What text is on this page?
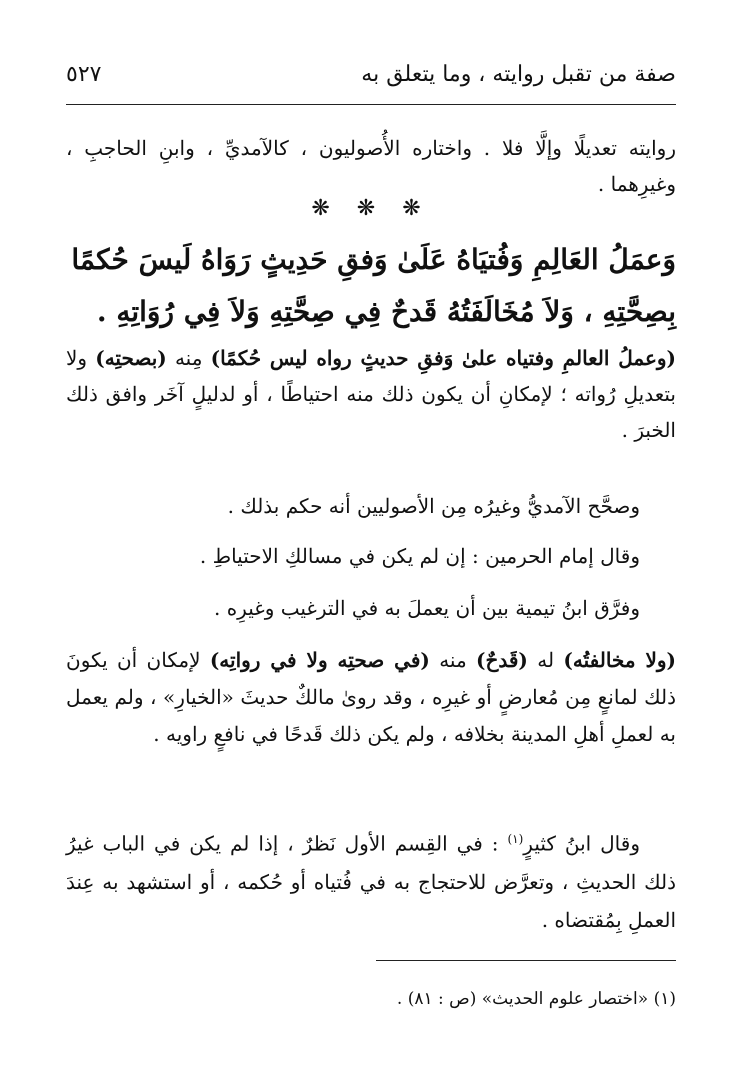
صفة من تقبل روايته ، وما يتعلق به
٥٢٧

روايته تعديلًا وإلَّا فلا . واختاره الأُصوليون ، كالآمديِّ ، وابنِ الحاجبِ ، وغيرِهما .

❋ ❋ ❋
وَعمَلُ العَالِمِ وَفُتيَاهُ عَلَىٰ وَفقِ حَدِيثٍ رَوَاهُ لَيسَ حُكمًا
بِصِحَّتِهِ ، وَلاَ مُخَالَفَتُهُ قَدحٌ فِي صِحَّتِهِ وَلاَ فِي رُوَاتِهِ .

(وعملُ العالمِ وفتياه علىٰ وَفقِ حديثٍ رواه ليس حُكمًا) مِنه (بصحتِه) ولا بتعديلِ رُواته ؛ لإمكانِ أن يكون ذلك منه احتياطًا ، أو لدليلٍ آخَر وافق ذلك الخبرَ .

وصحَّح الآمديُّ وغيرُه مِن الأصوليين أنه حكم بذلك .

وقال إمام الحرمين : إن لم يكن في مسالكِ الاحتياطِ .

وفرَّق ابنُ تيمية بين أن يعملَ به في الترغيب وغيرِه .

(ولا مخالفتُه) له (قَدحٌ) منه (في صحتِه ولا في رواتِه) لإمكان أن يكونَ ذلك لمانعٍ مِن مُعارضٍ أو غيرِه ، وقد روىٰ مالكٌ حديثَ «الخيارِ» ، ولم يعمل به لعملِ أهلِ المدينة بخلافه ، ولم يكن ذلك قَدحًا في نافعٍ راويه .

وقال ابنُ كثيرٍ$^{(١)}$ : في القِسم الأول نَظرٌ ، إذا لم يكن في الباب غيرُ ذلك الحديثِ ، وتعرَّض للاحتجاج به في فُتياه أو حُكمه ، أو استشهد به عِندَ العملِ بِمُقتضاه .

(١) «اختصار علوم الحديث» (ص : ٨١) .
